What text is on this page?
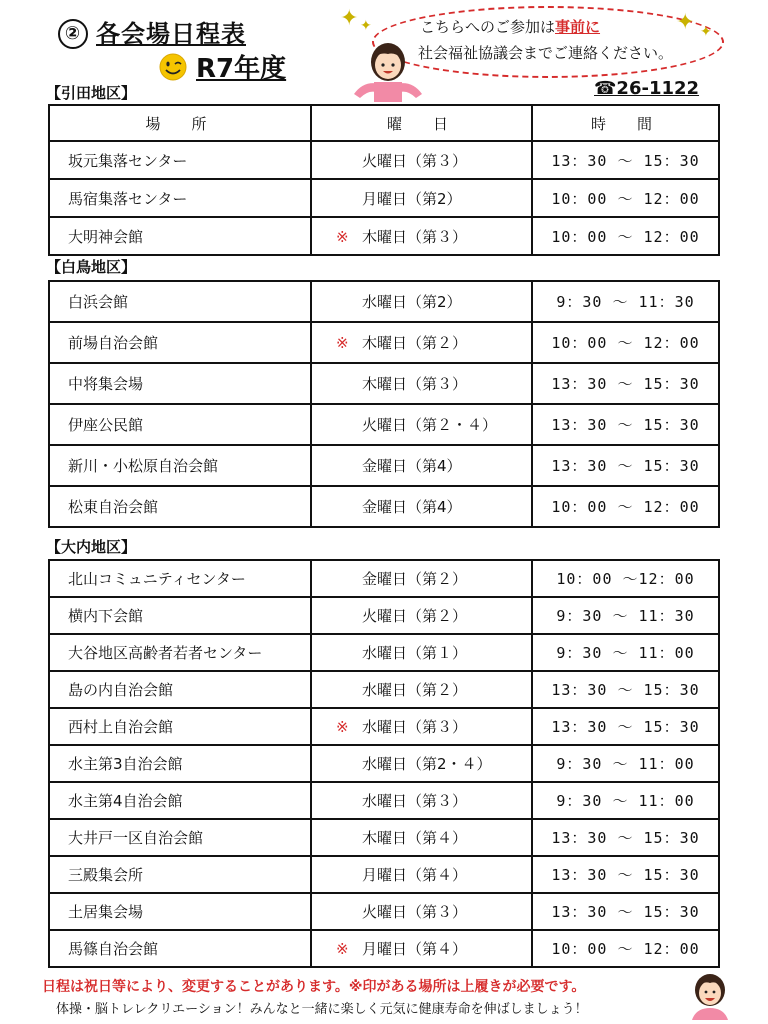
② 各会場日程表
R7年度
こちらへのご参加は事前に
社会福祉協議会までご連絡ください。
✦ ✦	✦ ✦
☎26-1122
【引田地区】
場　所	曜　日	時　間
坂元集落センター	火曜日（第３）	13：30 ～ 15：30
馬宿集落センター	月曜日（第2）	10：00 ～ 12：00
大明神会館	※ 木曜日（第３）	10：00 ～ 12：00
【白鳥地区】
白浜会館	水曜日（第2）	9：30 ～ 11：30
前場自治会館	※ 木曜日（第２）	10：00 ～ 12：00
中将集会場	木曜日（第３）	13：30 ～ 15：30
伊座公民館	火曜日（第２・４）	13：30 ～ 15：30
新川・小松原自治会館	金曜日（第4）	13：30 ～ 15：30
松東自治会館	金曜日（第4）	10：00 ～ 12：00
【大内地区】
北山コミュニティセンター	金曜日（第２）	10：00 ～12：00
横内下会館	火曜日（第２）	9：30 ～ 11：30
大谷地区高齢者若者センター	水曜日（第１）	9：30 ～ 11：00
島の内自治会館	水曜日（第２）	13：30 ～ 15：30
西村上自治会館	※ 水曜日（第３）	13：30 ～ 15：30
水主第3自治会館	水曜日（第2・４）	9：30 ～ 11：00
水主第4自治会館	水曜日（第３）	9：30 ～ 11：00
大井戸一区自治会館	木曜日（第４）	13：30 ～ 15：30
三殿集会所	月曜日（第４）	13：30 ～ 15：30
土居集会場	火曜日（第３）	13：30 ～ 15：30
馬篠自治会館	※ 月曜日（第４）	10：00 ～ 12：00
日程は祝日等により、変更することがあります。※印がある場所は上履きが必要です。
体操・脳トレレクリエーション！みんなと一緒に楽しく元気に健康寿命を伸ばしましょう！
